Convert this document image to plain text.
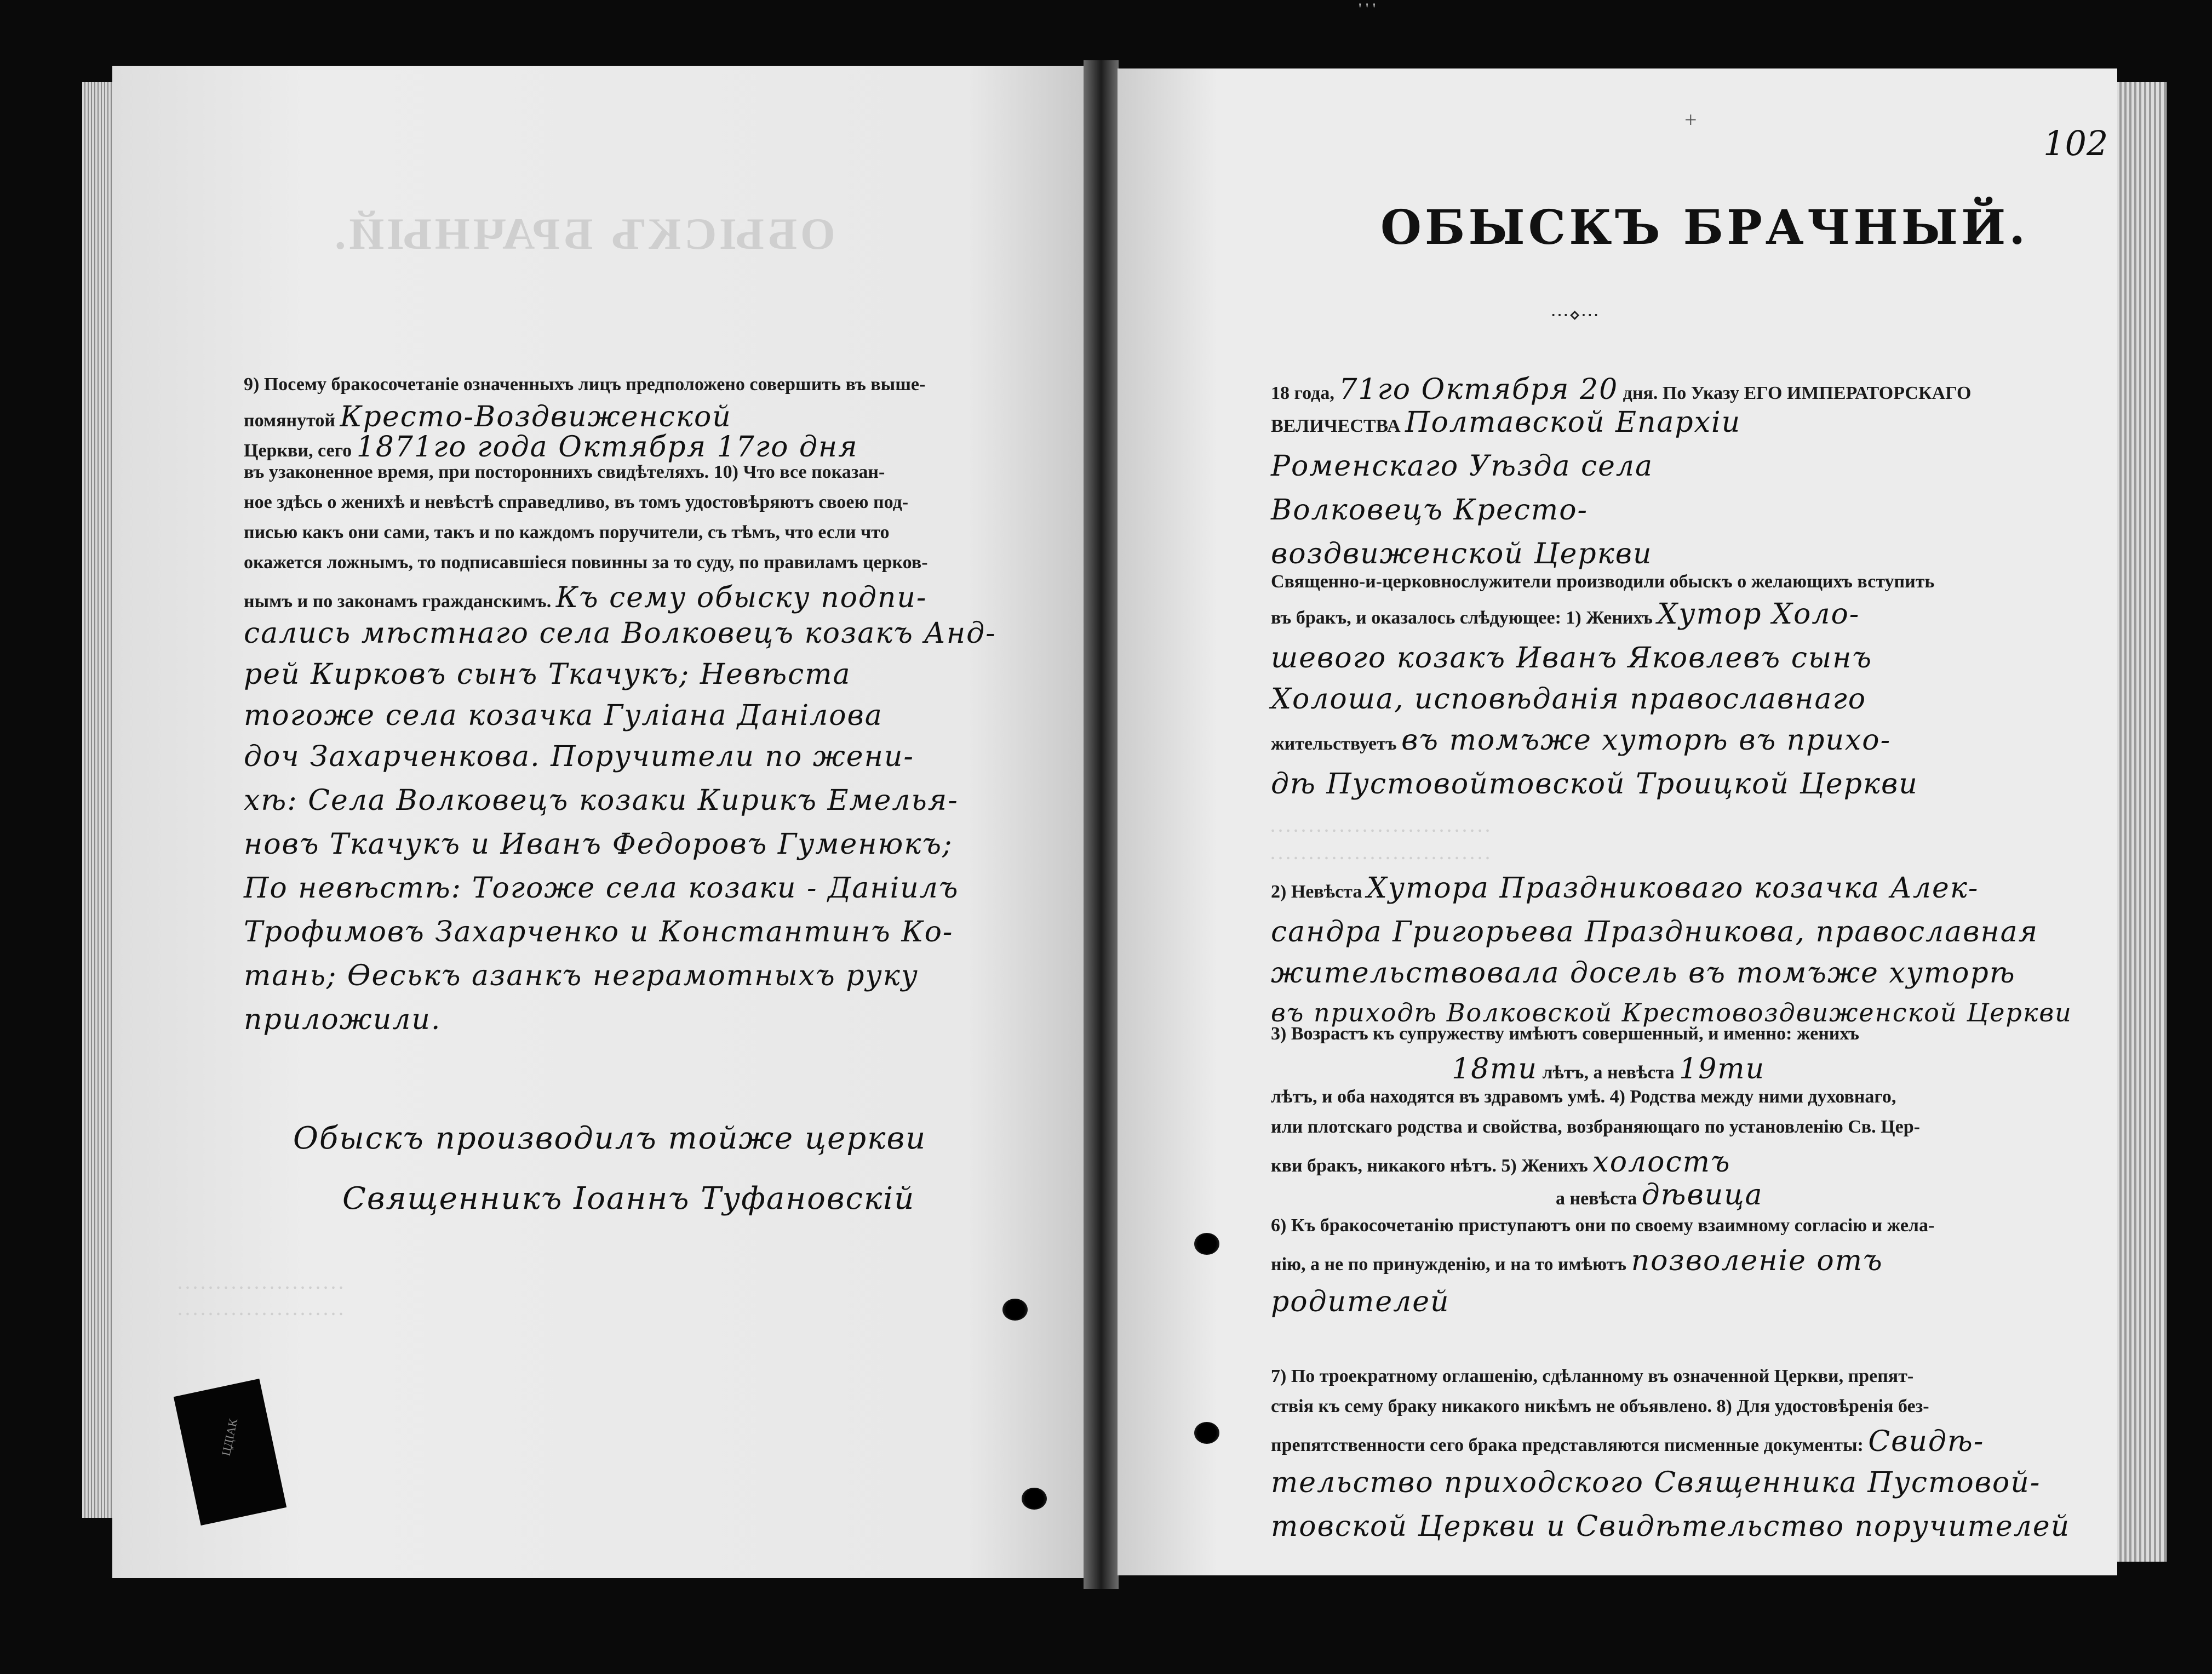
' ' '
ОБЫСКЪ БРАЧНЫЙ.
9) Посему бракосочетаніе означенныхъ лицъ предположено совершить въ выше-
помянутой Кресто-Воздвиженской
Церкви, сего 1871го года Октября 17го дня
въ узаконенное время, при постороннихъ свидѣтеляхъ. 10) Что все показан-
ное здѣсь о женихѣ и невѣстѣ справедливо, въ томъ удостовѣряютъ своею под-
писью какъ они сами, такъ и по каждомъ поручители, съ тѣмъ, что если что
окажется ложнымъ, то подписавшіеся повинны за то суду, по правиламъ церков-
нымъ и по законамъ гражданскимъ. Къ сему обыску подпи-
сались мѣстнаго села Волковецъ козакъ Анд-
рей Кирковъ сынъ Ткачукъ; Невѣста
тогоже села козачка Гуліана Данілова
доч Захарченкова. Поручители по жени-
хѣ: Села Волковецъ козаки Кирикъ Емелья-
новъ Ткачукъ и Иванъ Федоровъ Гуменюкъ;
По невѣстѣ: Тогоже села козаки - Даніилъ
Трофимовъ Захарченко и Константинъ Ко-
тань; Ѳеськъ азанкъ неграмотныхъ руку
приложили.
Обыскъ производилъ тойже церкви
Священникъ Іоаннъ Туфановскій
. . . . . . . . . . . . . . . . . . . . . .
. . . . . . . . . . . . . . . . . . . . . .
+
102
ОБЫСКЪ БРАЧНЫЙ.
⋯⋄⋯
18 года, 71го Октября 20 дня. По Указу ЕГО ИМПЕРАТОРСКАГО
ВЕЛИЧЕСТВА Полтавской Епархіи
Роменскаго Уѣзда села
Волковецъ Кресто-
воздвиженской Церкви
Священно-и-церковнослужители производили обыскъ о желающихъ вступить
въ бракъ, и оказалось слѣдующее: 1) Женихъ Хутор Холо-
шевого козакъ Иванъ Яковлевъ сынъ
Холоша, исповѣданія православнаго
жительствуетъ въ томъже хуторѣ въ прихо-
дѣ Пустовойтовской Троицкой Церкви
. . . . . . . . . . . . . . . . . . . . . . . . . . . . .
. . . . . . . . . . . . . . . . . . . . . . . . . . . . .
2) Невѣста Хутора Праздниковаго козачка Алек-
сандра Григорьева Праздникова, православная
жительствовала досель въ томъже хуторѣ
въ приходѣ Волковской Крестовоздвиженской Церкви
3) Возрастъ къ супружеству имѣютъ совершенный, и именно: женихъ
18ти лѣтъ, а невѣста 19ти
лѣтъ, и оба находятся въ здравомъ умѣ. 4) Родства между ними духовнаго,
или плотскаго родства и свойства, возбраняющаго по установленію Св. Цер-
кви бракъ, никакого нѣтъ. 5) Женихъ холостъ
а невѣста дѣвица
6) Къ бракосочетанію приступаютъ они по своему взаимному согласію и жела-
нію, а не по принужденію, и на то имѣютъ позволеніе отъ
родителей
7) По троекратному оглашенію, сдѣланному въ означенной Церкви, препят-
ствія къ сему браку никакого никѣмъ не объявлено. 8) Для удостовѣренія без-
препятственности сего брака представляются писменные документы: Свидѣ-
тельство приходского Священника Пустовой-
товской Церкви и Свидѣтельство поручителей
ЦДІАК
